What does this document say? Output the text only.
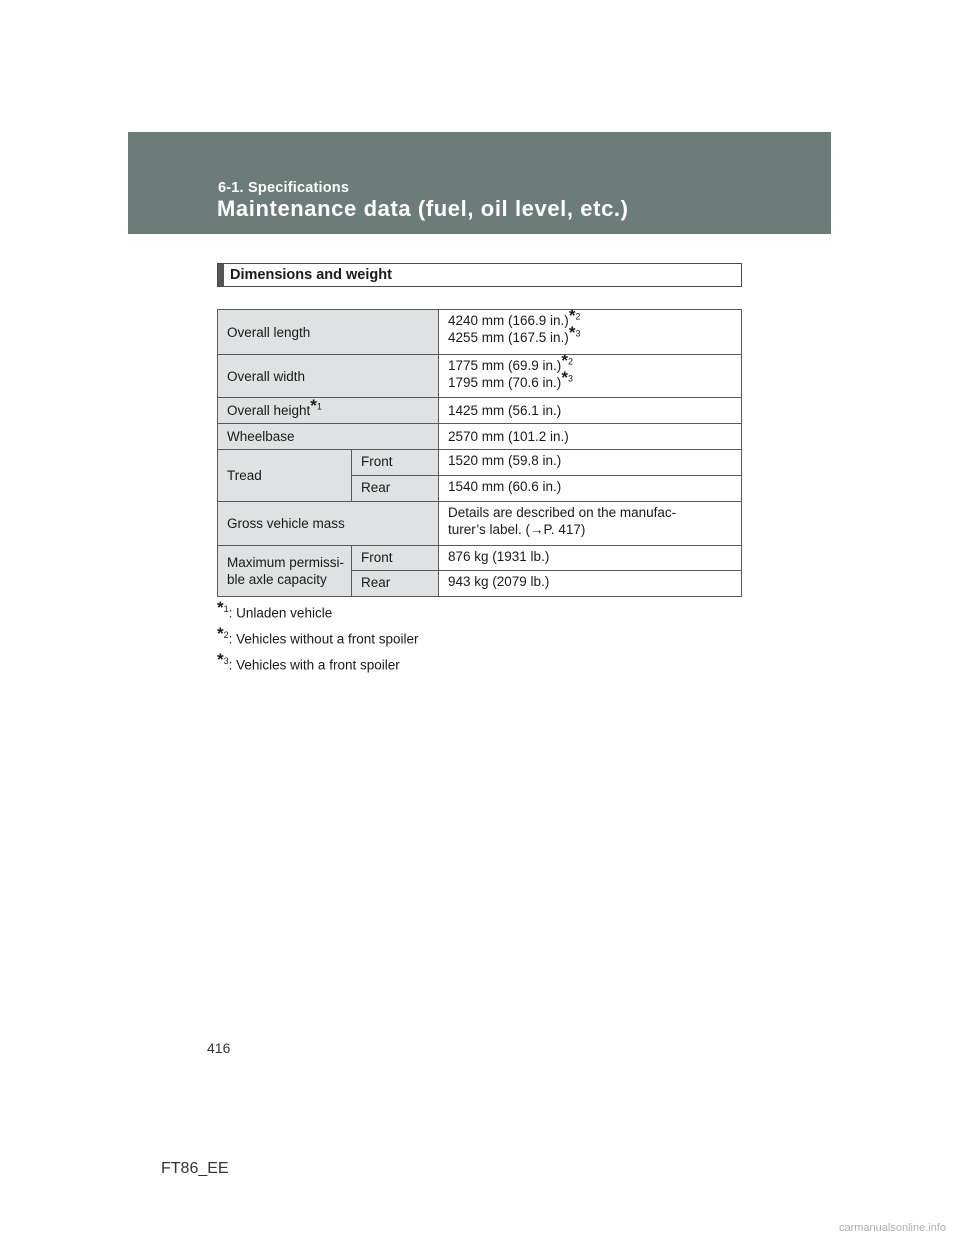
6-1. Specifications
Maintenance data (fuel, oil level, etc.)
Dimensions and weight
Overall length		4240 mm (166.9 in.)*$^2$
4255 mm (167.5 in.)*$^3$
Overall width		1775 mm (69.9 in.)*$^2$
1795 mm (70.6 in.)*$^3$
Overall height*$^1$		1425 mm (56.1 in.)
Wheelbase		2570 mm (101.2 in.)
Tread	Front	1520 mm (59.8 in.)
	Rear	1540 mm (60.6 in.)
Gross vehicle mass		Details are described on the manufac-
turer’s label. (→P. 417)
Maximum permissi-
ble axle capacity	Front	876 kg (1931 lb.)
	Rear	943 kg (2079 lb.)
*$^1$: Unladen vehicle
*$^2$: Vehicles without a front spoiler
*$^3$: Vehicles with a front spoiler
416
FT86_EE
carmanualsonline.info
